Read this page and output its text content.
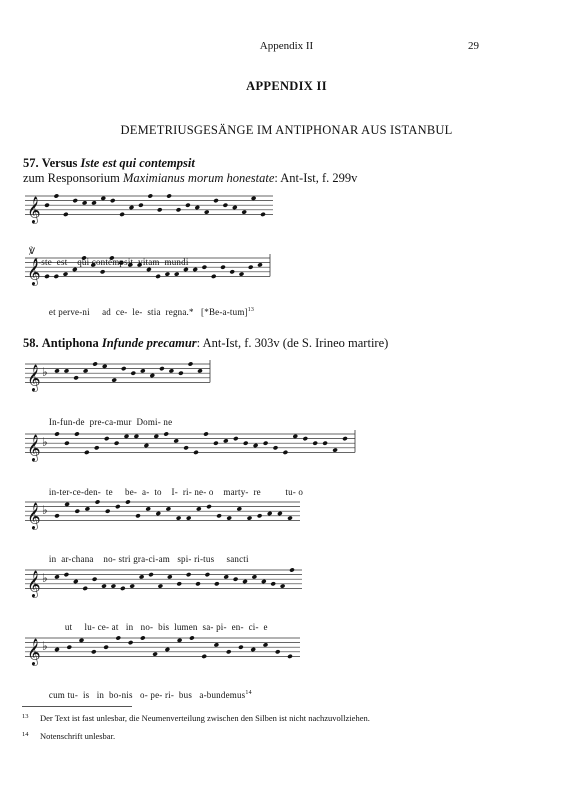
Appendix II	29
APPENDIX II
DEMETRIUSGESÄNGE IM ANTIPHONAR AUS ISTANBUL
57. Versus Iste est qui contempsit
zum Responsorium Maximianus morum honestate: Ant-Ist, f. 299v
58. Antiphona Infunde precamur: Ant-Ist, f. 303v (de S. Irineo martire)
𝄞
𝄞
𝄞 ♭
𝄞 ♭
𝄞 ♭
𝄞 ♭
𝄞 ♭

℣
I-ste  est    qui contempsit  vitam  mundi

et perve-ni     ad  ce-  le-  stia  regna.*   $[*Be-a-tum]^{13}$

In-fun-de  pre-ca-mur  Domi- ne

in-ter-ce-den-  te     be-  a-  to    I-  ri- ne- o    marty-  re          tu- o

in  ar-chana    no- stri gra-ci-am   spi- ri-tus     sancti

ut     lu- ce- at   in   no-  bis  lumen  sa- pi-  en-  ci-  e

cum tu-  is   in  bo-nis   o- pe- ri-  bus   a-bundemus$^{14}$

13 Der Text ist fast unlesbar, die Neumenverteilung zwischen den Silben ist nicht nachzuvollziehen.
14 Notenschrift unlesbar.
